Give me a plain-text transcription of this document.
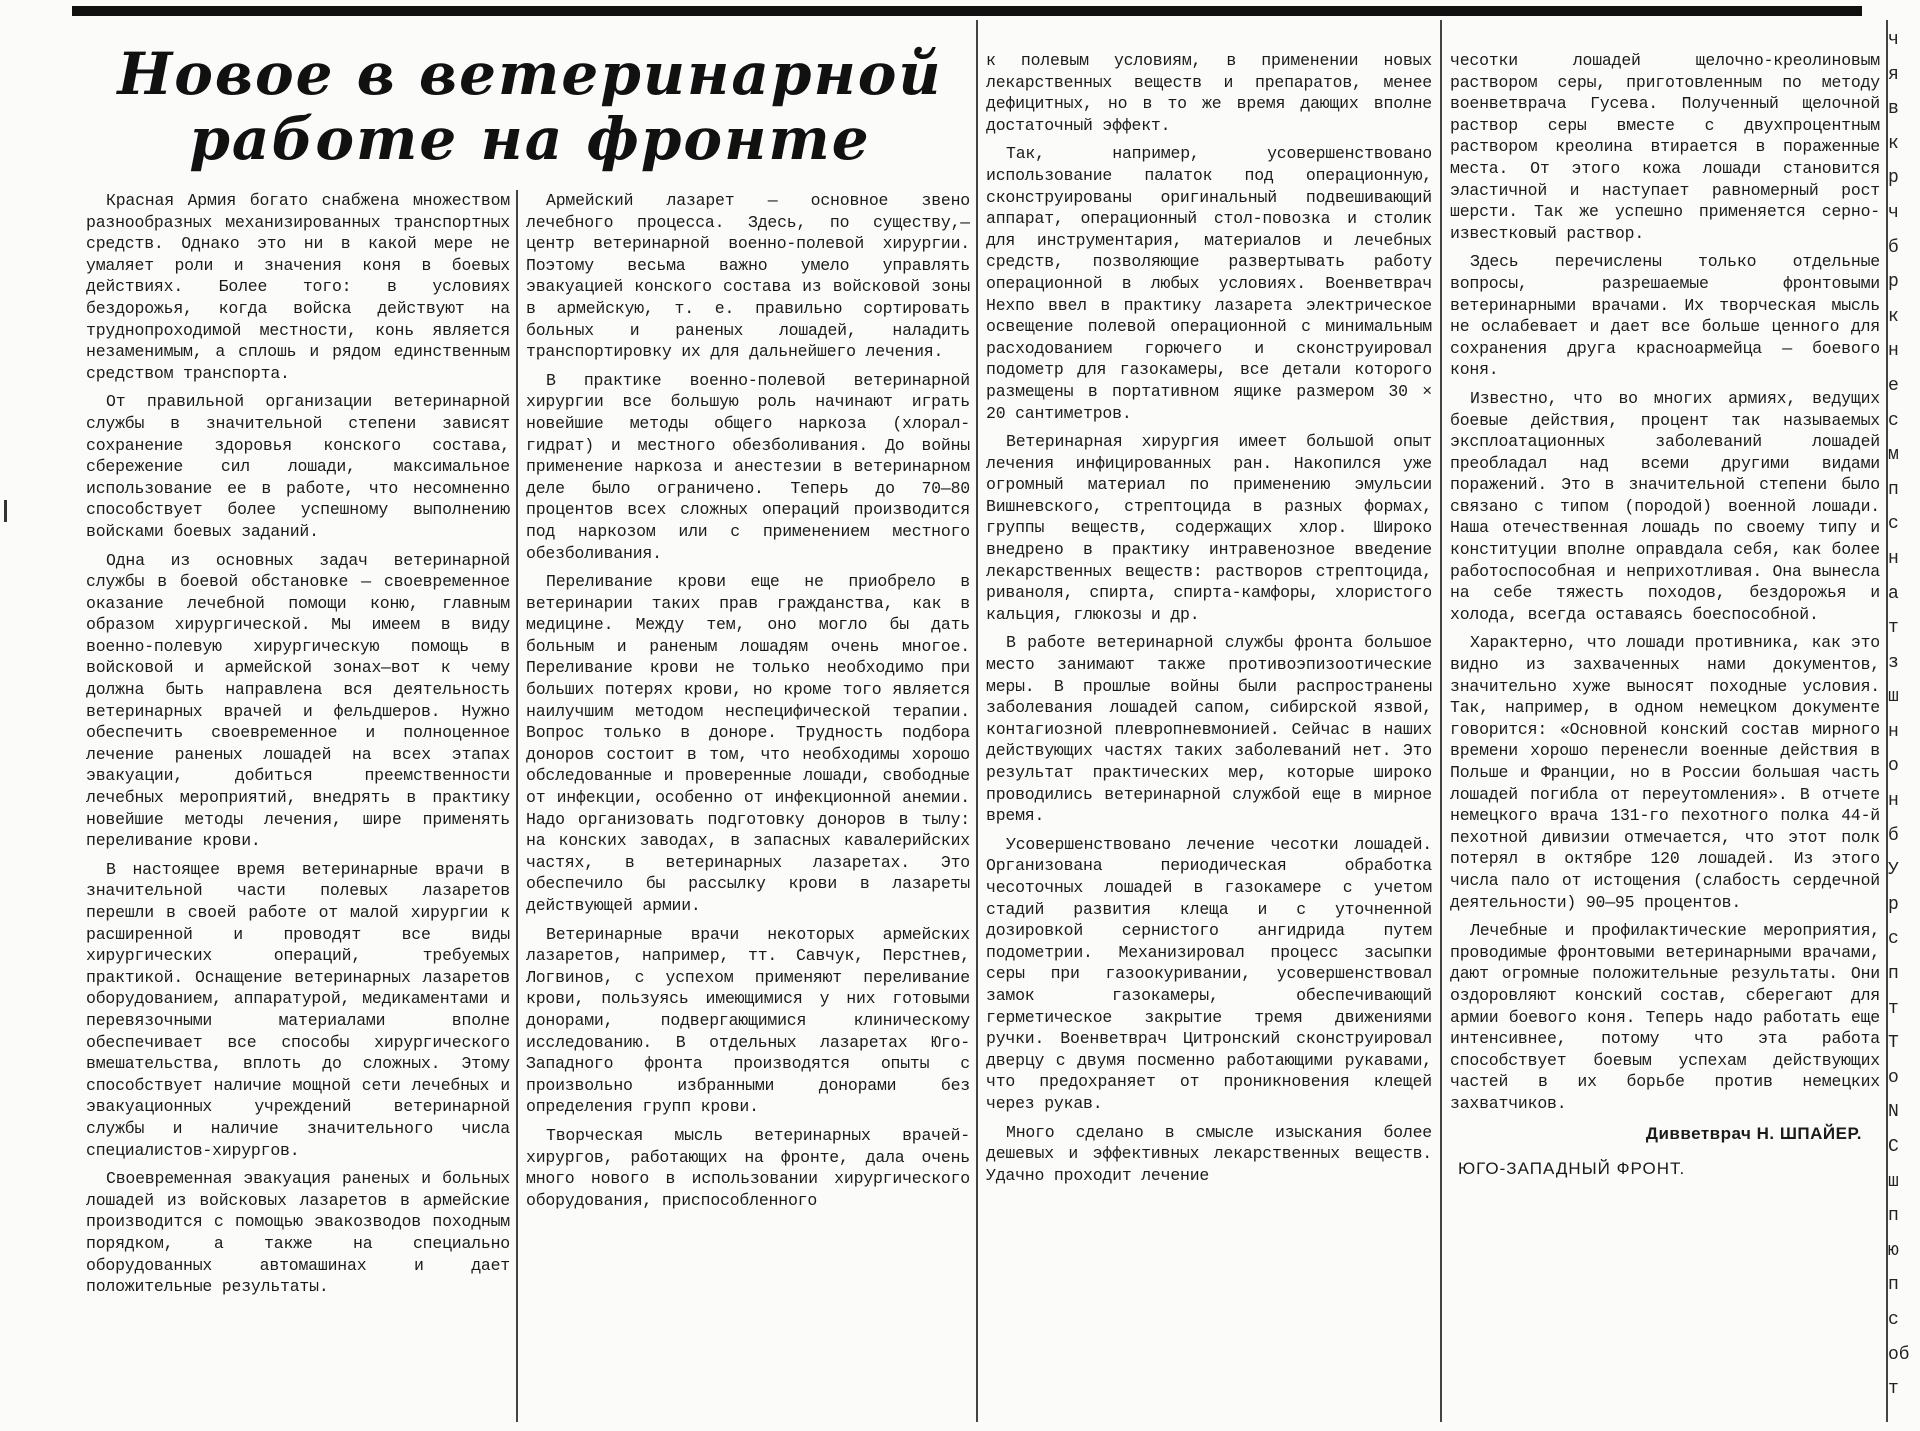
Новое в ветеринарной
работе на фронте

Красная Армия богато снабжена множеством разнообразных механизированных транспортных средств. Однако это ни в какой мере не умаляет роли и значения коня в боевых действиях. Более того: в условиях бездорожья, когда войска действуют на труднопроходимой местности, конь является незаменимым, а сплошь и рядом единственным средством транспорта.

От правильной организации ветеринарной службы в значительной степени зависят сохранение здоровья конского состава, сбережение сил лошади, максимальное использование ее в работе, что несомненно способствует более успешному выполнению войсками боевых заданий.

Одна из основных задач ветеринарной службы в боевой обстановке — своевременное оказание лечебной помощи коню, главным образом хирургической. Мы имеем в виду военно-полевую хирургическую помощь в войсковой и армейской зонах—вот к чему должна быть направлена вся деятельность ветеринарных врачей и фельдшеров. Нужно обеспечить своевременное и полноценное лечение раненых лошадей на всех этапах эвакуации, добиться преемственности лечебных мероприятий, внедрять в практику новейшие методы лечения, шире применять переливание крови.

В настоящее время ветеринарные врачи в значительной части полевых лазаретов перешли в своей работе от малой хирургии к расширенной и проводят все виды хирургических операций, требуемых практикой. Оснащение ветеринарных лазаретов оборудованием, аппаратурой, медикаментами и перевязочными материалами вполне обеспечивает все способы хирургического вмешательства, вплоть до сложных. Этому способствует наличие мощной сети лечебных и эвакуационных учреждений ветеринарной службы и наличие значительного числа специалистов-хирургов.

Своевременная эвакуация раненых и больных лошадей из войсковых лазаретов в армейские производится с помощью эвакозводов походным порядком, а также на специально оборудованных автомашинах и дает положительные результаты.

Армейский лазарет — основное звено лечебного процесса. Здесь, по существу,— центр ветеринарной военно-полевой хирургии. Поэтому весьма важно умело управлять эвакуацией конского состава из войсковой зоны в армейскую, т. е. правильно сортировать больных и раненых лошадей, наладить транспортировку их для дальнейшего лечения.

В практике военно-полевой ветеринарной хирургии все большую роль начинают играть новейшие методы общего наркоза (хлорал-гидрат) и местного обезболивания. До войны применение наркоза и анестезии в ветеринарном деле было ограничено. Теперь до 70—80 процентов всех сложных операций производится под наркозом или с применением местного обезболивания.

Переливание крови еще не приобрело в ветеринарии таких прав гражданства, как в медицине. Между тем, оно могло бы дать больным и раненым лошадям очень многое. Переливание крови не только необходимо при больших потерях крови, но кроме того является наилучшим методом неспецифической терапии. Вопрос только в доноре. Трудность подбора доноров состоит в том, что необходимы хорошо обследованные и проверенные лошади, свободные от инфекции, особенно от инфекционной анемии. Надо организовать подготовку доноров в тылу: на конских заводах, в запасных кавалерийских частях, в ветеринарных лазаретах. Это обеспечило бы рассылку крови в лазареты действующей армии.

Ветеринарные врачи некоторых армейских лазаретов, например, тт. Савчук, Перстнев, Логвинов, с успехом применяют переливание крови, пользуясь имеющимися у них готовыми донорами, подвергающимися клиническому исследованию. В отдельных лазаретах Юго-Западного фронта производятся опыты с произвольно избранными донорами без определения групп крови.

Творческая мысль ветеринарных врачей-хирургов, работающих на фронте, дала очень много нового в использовании хирургического оборудования, приспособленного

к полевым условиям, в применении новых лекарственных веществ и препаратов, менее дефицитных, но в то же время дающих вполне достаточный эффект.

Так, например, усовершенствовано использование палаток под операционную, сконструированы оригинальный подвешивающий аппарат, операционный стол-повозка и столик для инструментария, материалов и лечебных средств, позволяющие развертывать работу операционной в любых условиях. Военветврач Нехпо ввел в практику лазарета электрическое освещение полевой операционной с минимальным расходованием горючего и сконструировал подометр для газокамеры, все детали которого размещены в портативном ящике размером 30 × 20 сантиметров.

Ветеринарная хирургия имеет большой опыт лечения инфицированных ран. Накопился уже огромный материал по применению эмульсии Вишневского, стрептоцида в разных формах, группы веществ, содержащих хлор. Широко внедрено в практику интравенозное введение лекарственных веществ: растворов стрептоцида, риваноля, спирта, спирта-камфоры, хлористого кальция, глюкозы и др.

В работе ветеринарной службы фронта большое место занимают также противоэпизоотические меры. В прошлые войны были распространены заболевания лошадей сапом, сибирской язвой, контагиозной плевропневмонией. Сейчас в наших действующих частях таких заболеваний нет. Это результат практических мер, которые широко проводились ветеринарной службой еще в мирное время.

Усовершенствовано лечение чесотки лошадей. Организована периодическая обработка чесоточных лошадей в газокамере с учетом стадий развития клеща и с уточненной дозировкой сернистого ангидрида путем подометрии. Механизировал процесс засыпки серы при газоокуривании, усовершенствовал замок газокамеры, обеспечивающий герметическое закрытие тремя движениями ручки. Военветврач Цитронский сконструировал дверцу с двумя посменно работающими рукавами, что предохраняет от проникновения клещей через рукав.

Много сделано в смысле изыскания более дешевых и эффективных лекарственных веществ. Удачно проходит лечение

чесотки лошадей щелочно-креолиновым раствором серы, приготовленным по методу военветврача Гусева. Полученный щелочной раствор серы вместе с двухпроцентным раствором креолина втирается в пораженные места. От этого кожа лошади становится эластичной и наступает равномерный рост шерсти. Так же успешно применяется серно-известковый раствор.

Здесь перечислены только отдельные вопросы, разрешаемые фронтовыми ветеринарными врачами. Их творческая мысль не ослабевает и дает все больше ценного для сохранения друга красноармейца — боевого коня.

Известно, что во многих армиях, ведущих боевые действия, процент так называемых эксплоатационных заболеваний лошадей преобладал над всеми другими видами поражений. Это в значительной степени было связано с типом (породой) военной лошади. Наша отечественная лошадь по своему типу и конституции вполне оправдала себя, как более работоспособная и неприхотливая. Она вынесла на себе тяжесть походов, бездорожья и холода, всегда оставаясь боеспособной.

Характерно, что лошади противника, как это видно из захваченных нами документов, значительно хуже выносят походные условия. Так, например, в одном немецком документе говорится: «Основной конский состав мирного времени хорошо перенесли военные действия в Польше и Франции, но в России большая часть лошадей погибла от переутомления». В отчете немецкого врача 131-го пехотного полка 44-й пехотной дивизии отмечается, что этот полк потерял в октябре 120 лошадей. Из этого числа пало от истощения (слабость сердечной деятельности) 90—95 процентов.

Лечебные и профилактические мероприятия, проводимые фронтовыми ветеринарными врачами, дают огромные положительные результаты. Они оздоровляют конский состав, сберегают для армии боевого коня. Теперь надо работать еще интенсивнее, потому что эта работа способствует боевым успехам действующих частей в их борьбе против немецких захватчиков.

Дивветврач Н. ШПАЙЕР.
ЮГО-ЗАПАДНЫЙ ФРОНТ.
ч
я
в
к
р
ч
б
р
к
н
е
с
м
п
с
н
а
т
з
ш
н
о
н
б
У
р
с
п
т
Т
о
N
С
ш
п
ю
п
с
об
т
